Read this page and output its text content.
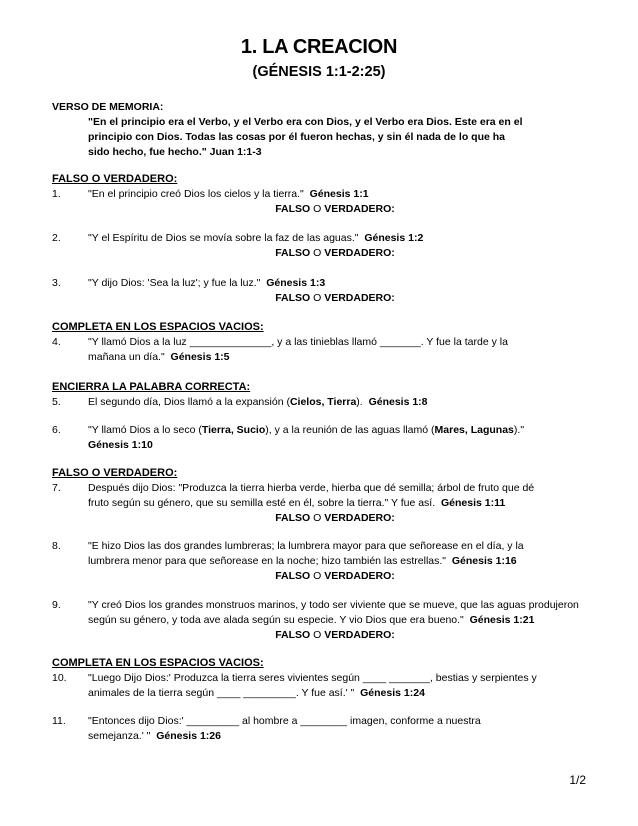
1. LA CREACION
(GÉNESIS 1:1-2:25)
VERSO DE MEMORIA:
"En el principio era el Verbo, y el Verbo era con Dios, y el Verbo era Dios. Este era en el
principio con Dios. Todas las cosas por él fueron hechas, y sin él nada de lo que ha
sido hecho, fue hecho." Juan 1:1-3
FALSO O VERDADERO:
1.	"En el principio creó Dios los cielos y la tierra." Génesis 1:1
FALSO O VERDADERO:
2.	"Y el Espíritu de Dios se movía sobre la faz de las aguas." Génesis 1:2
FALSO O VERDADERO:
3.	"Y dijo Dios: 'Sea la luz'; y fue la luz." Génesis 1:3
FALSO O VERDADERO:
COMPLETA EN LOS ESPACIOS VACIOS:
4.	"Y llamó Dios a la luz ______________, y a las tinieblas llamó _______. Y fue la tarde y la
mañana un día." Génesis 1:5
ENCIERRA LA PALABRA CORRECTA:
5.	El segundo día, Dios llamó a la expansión (Cielos, Tierra). Génesis 1:8
6.	"Y llamó Dios a lo seco (Tierra, Sucio), y a la reunión de las aguas llamó (Mares, Lagunas)."
Génesis 1:10
FALSO O VERDADERO:
7.	Después dijo Dios: "Produzca la tierra hierba verde, hierba que dé semilla; árbol de fruto que dé
fruto según su género, que su semilla esté en él, sobre la tierra." Y fue así. Génesis 1:11
FALSO O VERDADERO:
8.	"E hizo Dios las dos grandes lumbreras; la lumbrera mayor para que señorease en el día, y la
lumbrera menor para que señorease en la noche; hizo también las estrellas." Génesis 1:16
FALSO O VERDADERO:
9.	"Y creó Dios los grandes monstruos marinos, y todo ser viviente que se mueve, que las aguas produjeron
según su género, y toda ave alada según su especie. Y vio Dios que era bueno." Génesis 1:21
FALSO O VERDADERO:
COMPLETA EN LOS ESPACIOS VACIOS:
10. "Luego Dijo Dios:' Produzca la tierra seres vivientes según ____ _______, bestias y serpientes y
animales de la tierra según ____ _________. Y fue así.' " Génesis 1:24
11. "Entonces dijo Dios:' _________ al hombre a ________ imagen, conforme a nuestra
semejanza.' " Génesis 1:26
1/2
